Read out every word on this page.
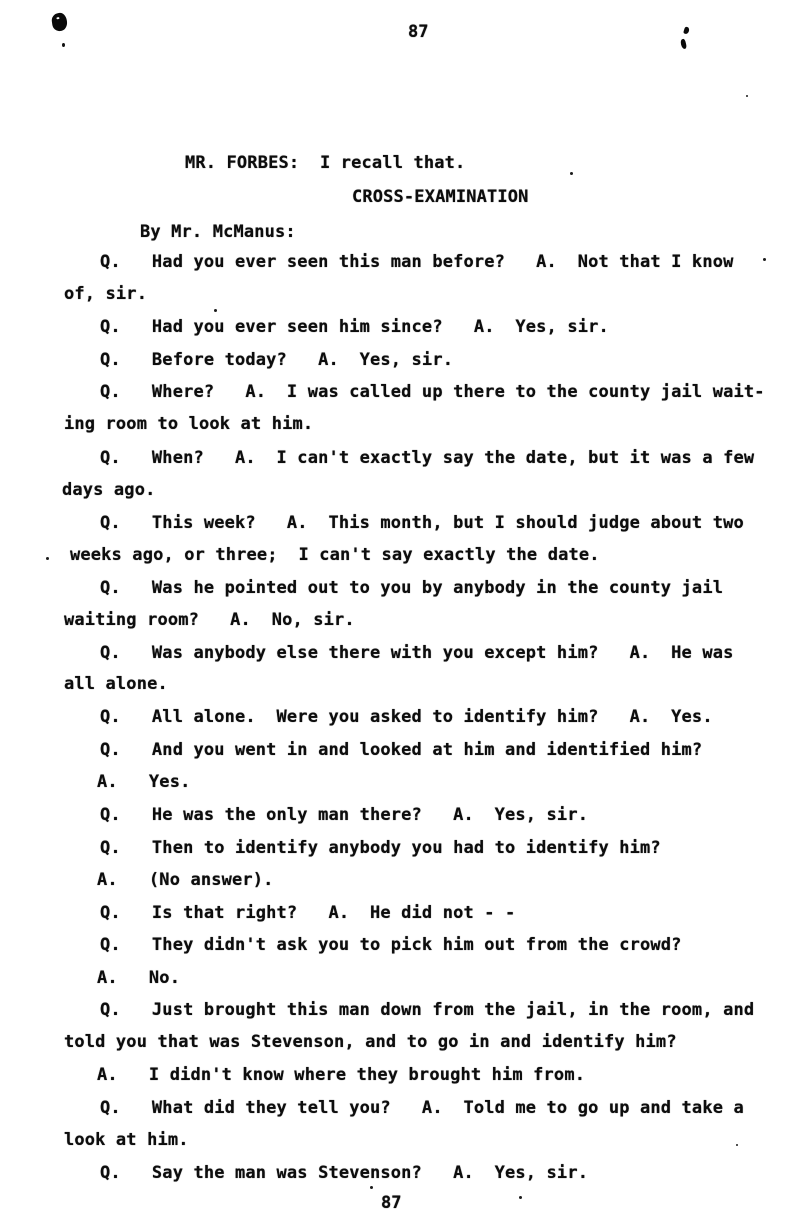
87
MR. FORBES:  I recall that.
CROSS-EXAMINATION
By Mr. McManus:
Q.   Had you ever seen this man before?   A.  Not that I know
of, sir.
Q.   Had you ever seen him since?   A.  Yes, sir.
Q.   Before today?   A.  Yes, sir.
Q.   Where?   A.  I was called up there to the county jail wait-
ing room to look at him.
Q.   When?   A.  I can't exactly say the date, but it was a few
days ago.
Q.   This week?   A.  This month, but I should judge about two
weeks ago, or three;  I can't say exactly the date.
Q.   Was he pointed out to you by anybody in the county jail
waiting room?   A.  No, sir.
Q.   Was anybody else there with you except him?   A.  He was
all alone.
Q.   All alone.  Were you asked to identify him?   A.  Yes.
Q.   And you went in and looked at him and identified him?
A.   Yes.
Q.   He was the only man there?   A.  Yes, sir.
Q.   Then to identify anybody you had to identify him?
A.   (No answer).
Q.   Is that right?   A.  He did not - -
Q.   They didn't ask you to pick him out from the crowd?
A.   No.
Q.   Just brought this man down from the jail, in the room, and
told you that was Stevenson, and to go in and identify him?
A.   I didn't know where they brought him from.
Q.   What did they tell you?   A.  Told me to go up and take a
look at him.
Q.   Say the man was Stevenson?   A.  Yes, sir.
87
